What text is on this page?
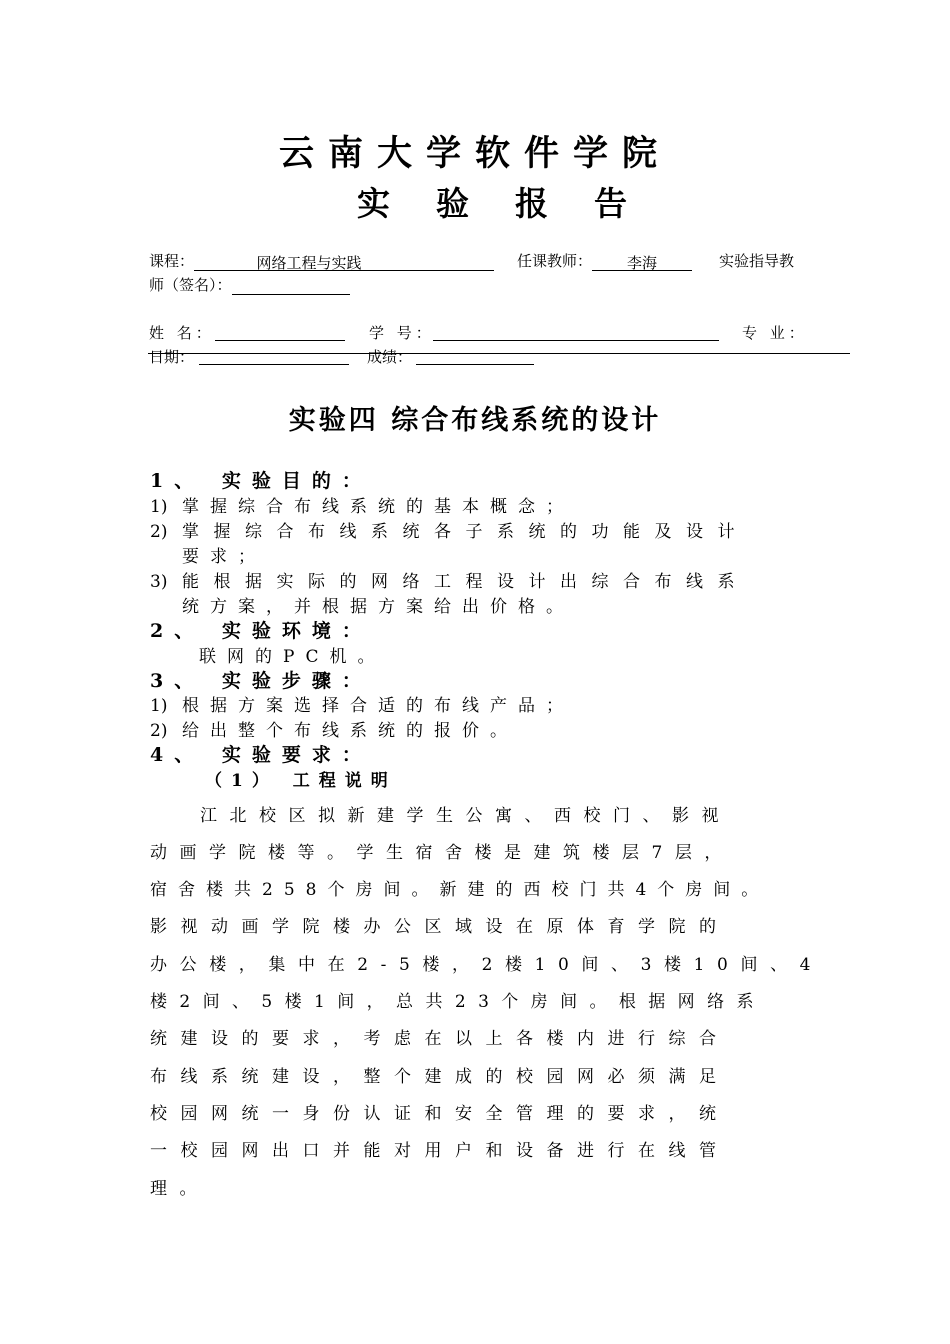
云南大学软件学院
实验报告
课程：	网络工程与实践	任课教师： 李海	实验指导教
师（签名）：
姓 名：	学 号：	专 业：
日期：	成绩：
实验四 综合布线系统的设计
1、 实验目的：
1) 掌握综合布线系统的基本概念；
2) 掌握综合布线系统各子系统的功能及设计
要求；
3) 能根据实际的网络工程设计出综合布线系
统方案，并根据方案给出价格。
2、 实验环境：
联网的PC机。
3、 实验步骤：
1) 根据方案选择合适的布线产品；
2) 给出整个布线系统的报价。
4、 实验要求：
（1） 工程说明
江北校区拟新建学生公寓、西校门、影视
动画学院楼等。学生宿舍楼是建筑楼层7层，
宿舍楼共258个房间。新建的西校门共4个房间。
影视动画学院楼办公区域设在原体育学院的
办公楼，集中在2-5楼，2楼10间、3楼10间、4
楼2间、5楼1间，总共23个房间。根据网络系
统建设的要求，考虑在以上各楼内进行综合
布线系统建设，整个建成的校园网必须满足
校园网统一身份认证和安全管理的要求，统
一校园网出口并能对用户和设备进行在线管
理。
